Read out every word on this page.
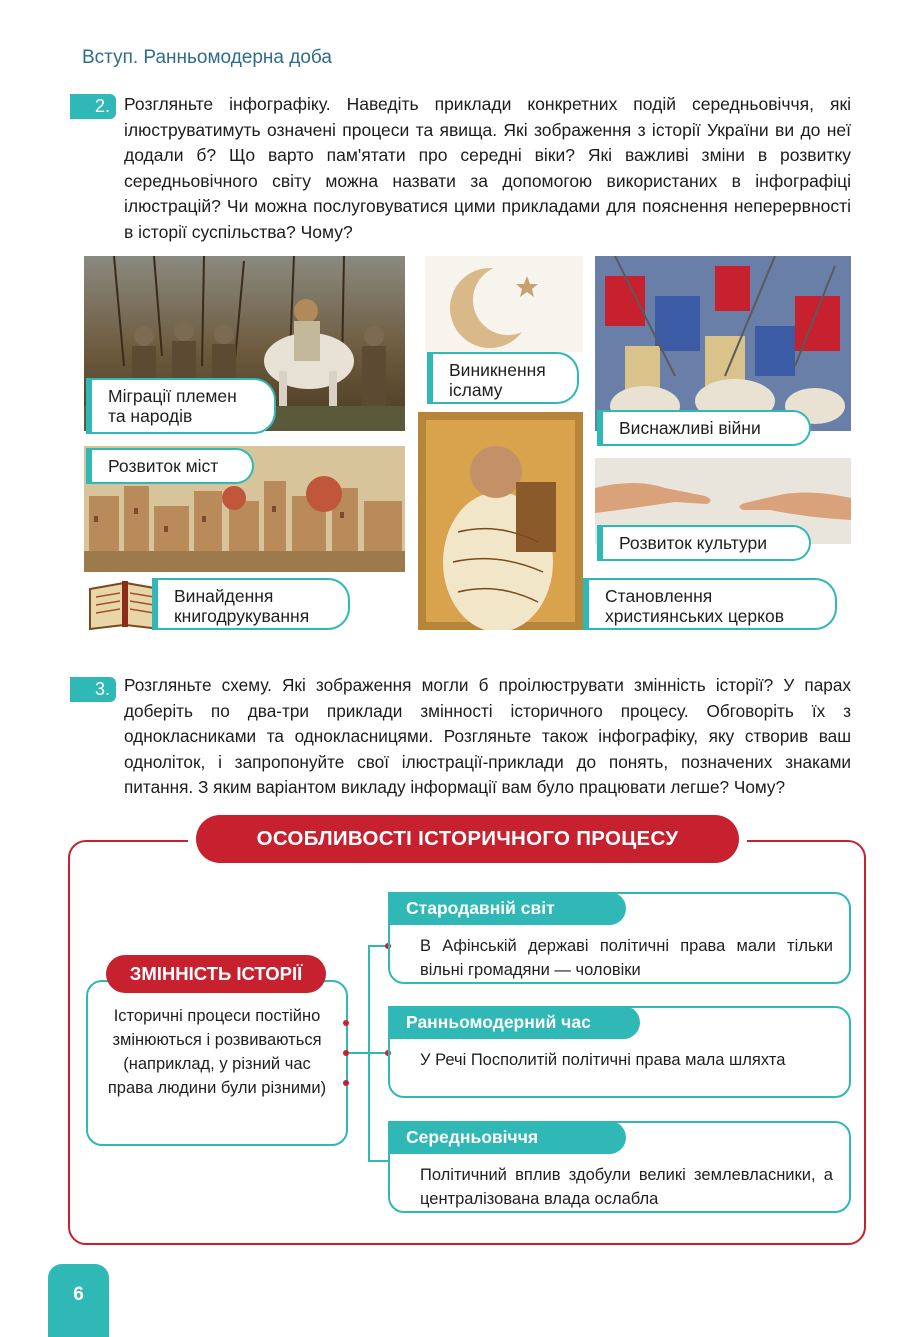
Вступ. Ранньомодерна доба
2. Розгляньте інфографіку. Наведіть приклади конкретних подій середньовіччя, які ілюструватимуть означені процеси та явища. Які зображення з історії України ви до неї додали б? Що варто пам'ятати про середні віки? Які важливі зміни в розвитку середньовічного світу можна назвати за допомогою використаних в інфографіці ілюстрацій? Чи можна послуговуватися цими прикладами для пояснення неперервності в історії суспільства? Чому?
Міграції племен та народів
Розвиток міст
Винайдення книгодрукування
Виникнення ісламу
Виснажливі війни
Розвиток культури
Становлення християнських церков
3. Розгляньте схему. Які зображення могли б проілюструвати змінність історії? У парах доберіть по два-три приклади змінності історичного процесу. Обговоріть їх з однокласниками та однокласницями. Розгляньте також інфографіку, яку створив ваш одноліток, і запропонуйте свої ілюстрації-приклади до понять, позначених знаками питання. З яким варіантом викладу інформації вам було працювати легше? Чому?
ОСОБЛИВОСТІ ІСТОРИЧНОГО ПРОЦЕСУ
Історичні процеси постійно змінюються і розвиваються (наприклад, у різний час права людини були різними)
ЗМІННІСТЬ ІСТОРІЇ
В Афінській державі політичні права мали тільки вільні громадяни — чоловіки
Стародавній світ
У Речі Посполитій політичні права мала шляхта
Ранньомодерний час
Політичний вплив здобули великі землевласники, а централізована влада ослабла
Середньовіччя
6
